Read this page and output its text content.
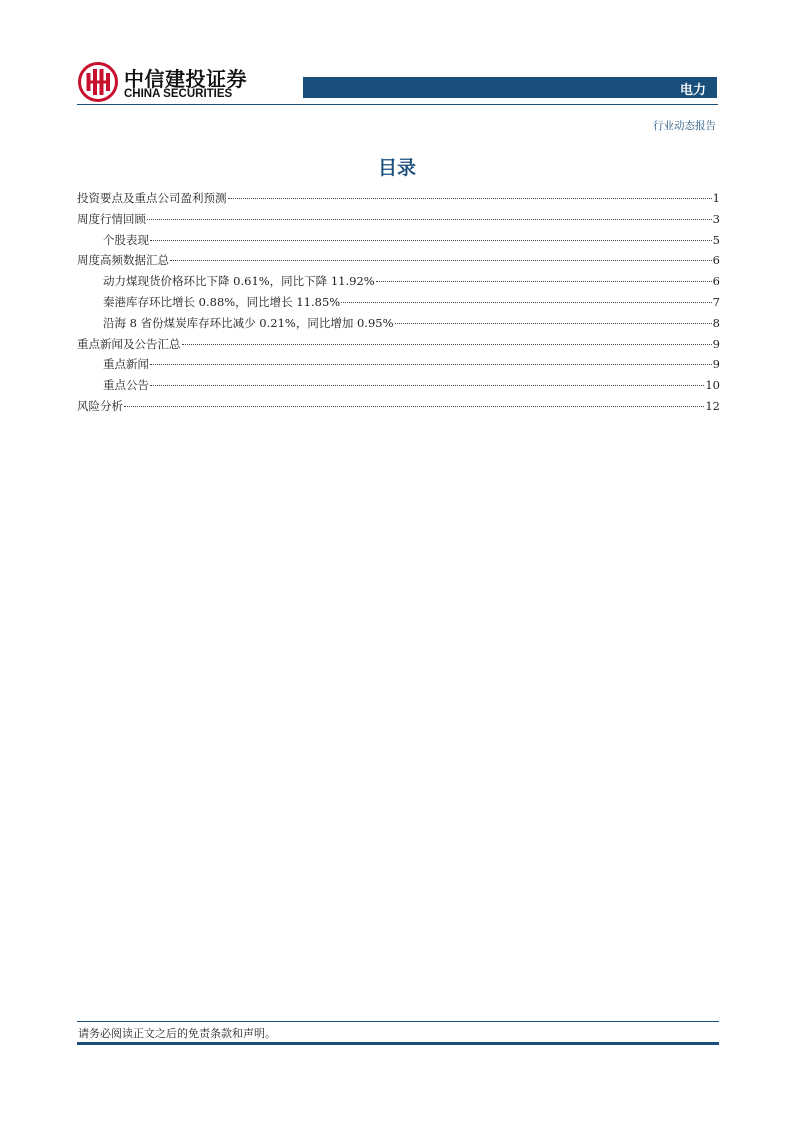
中信建投证券
CHINA SECURITIES	电力
行业动态报告
目录
投资要点及重点公司盈利预测	1
周度行情回顾	3
个股表现	5
周度高频数据汇总	6
动力煤现货价格环比下降 0.61%，同比下降 11.92%	6
秦港库存环比增长 0.88%，同比增长 11.85%	7
沿海 8 省份煤炭库存环比减少 0.21%，同比增加 0.95%	8
重点新闻及公告汇总	9
重点新闻	9
重点公告	10
风险分析	12
请务必阅读正文之后的免责条款和声明。
